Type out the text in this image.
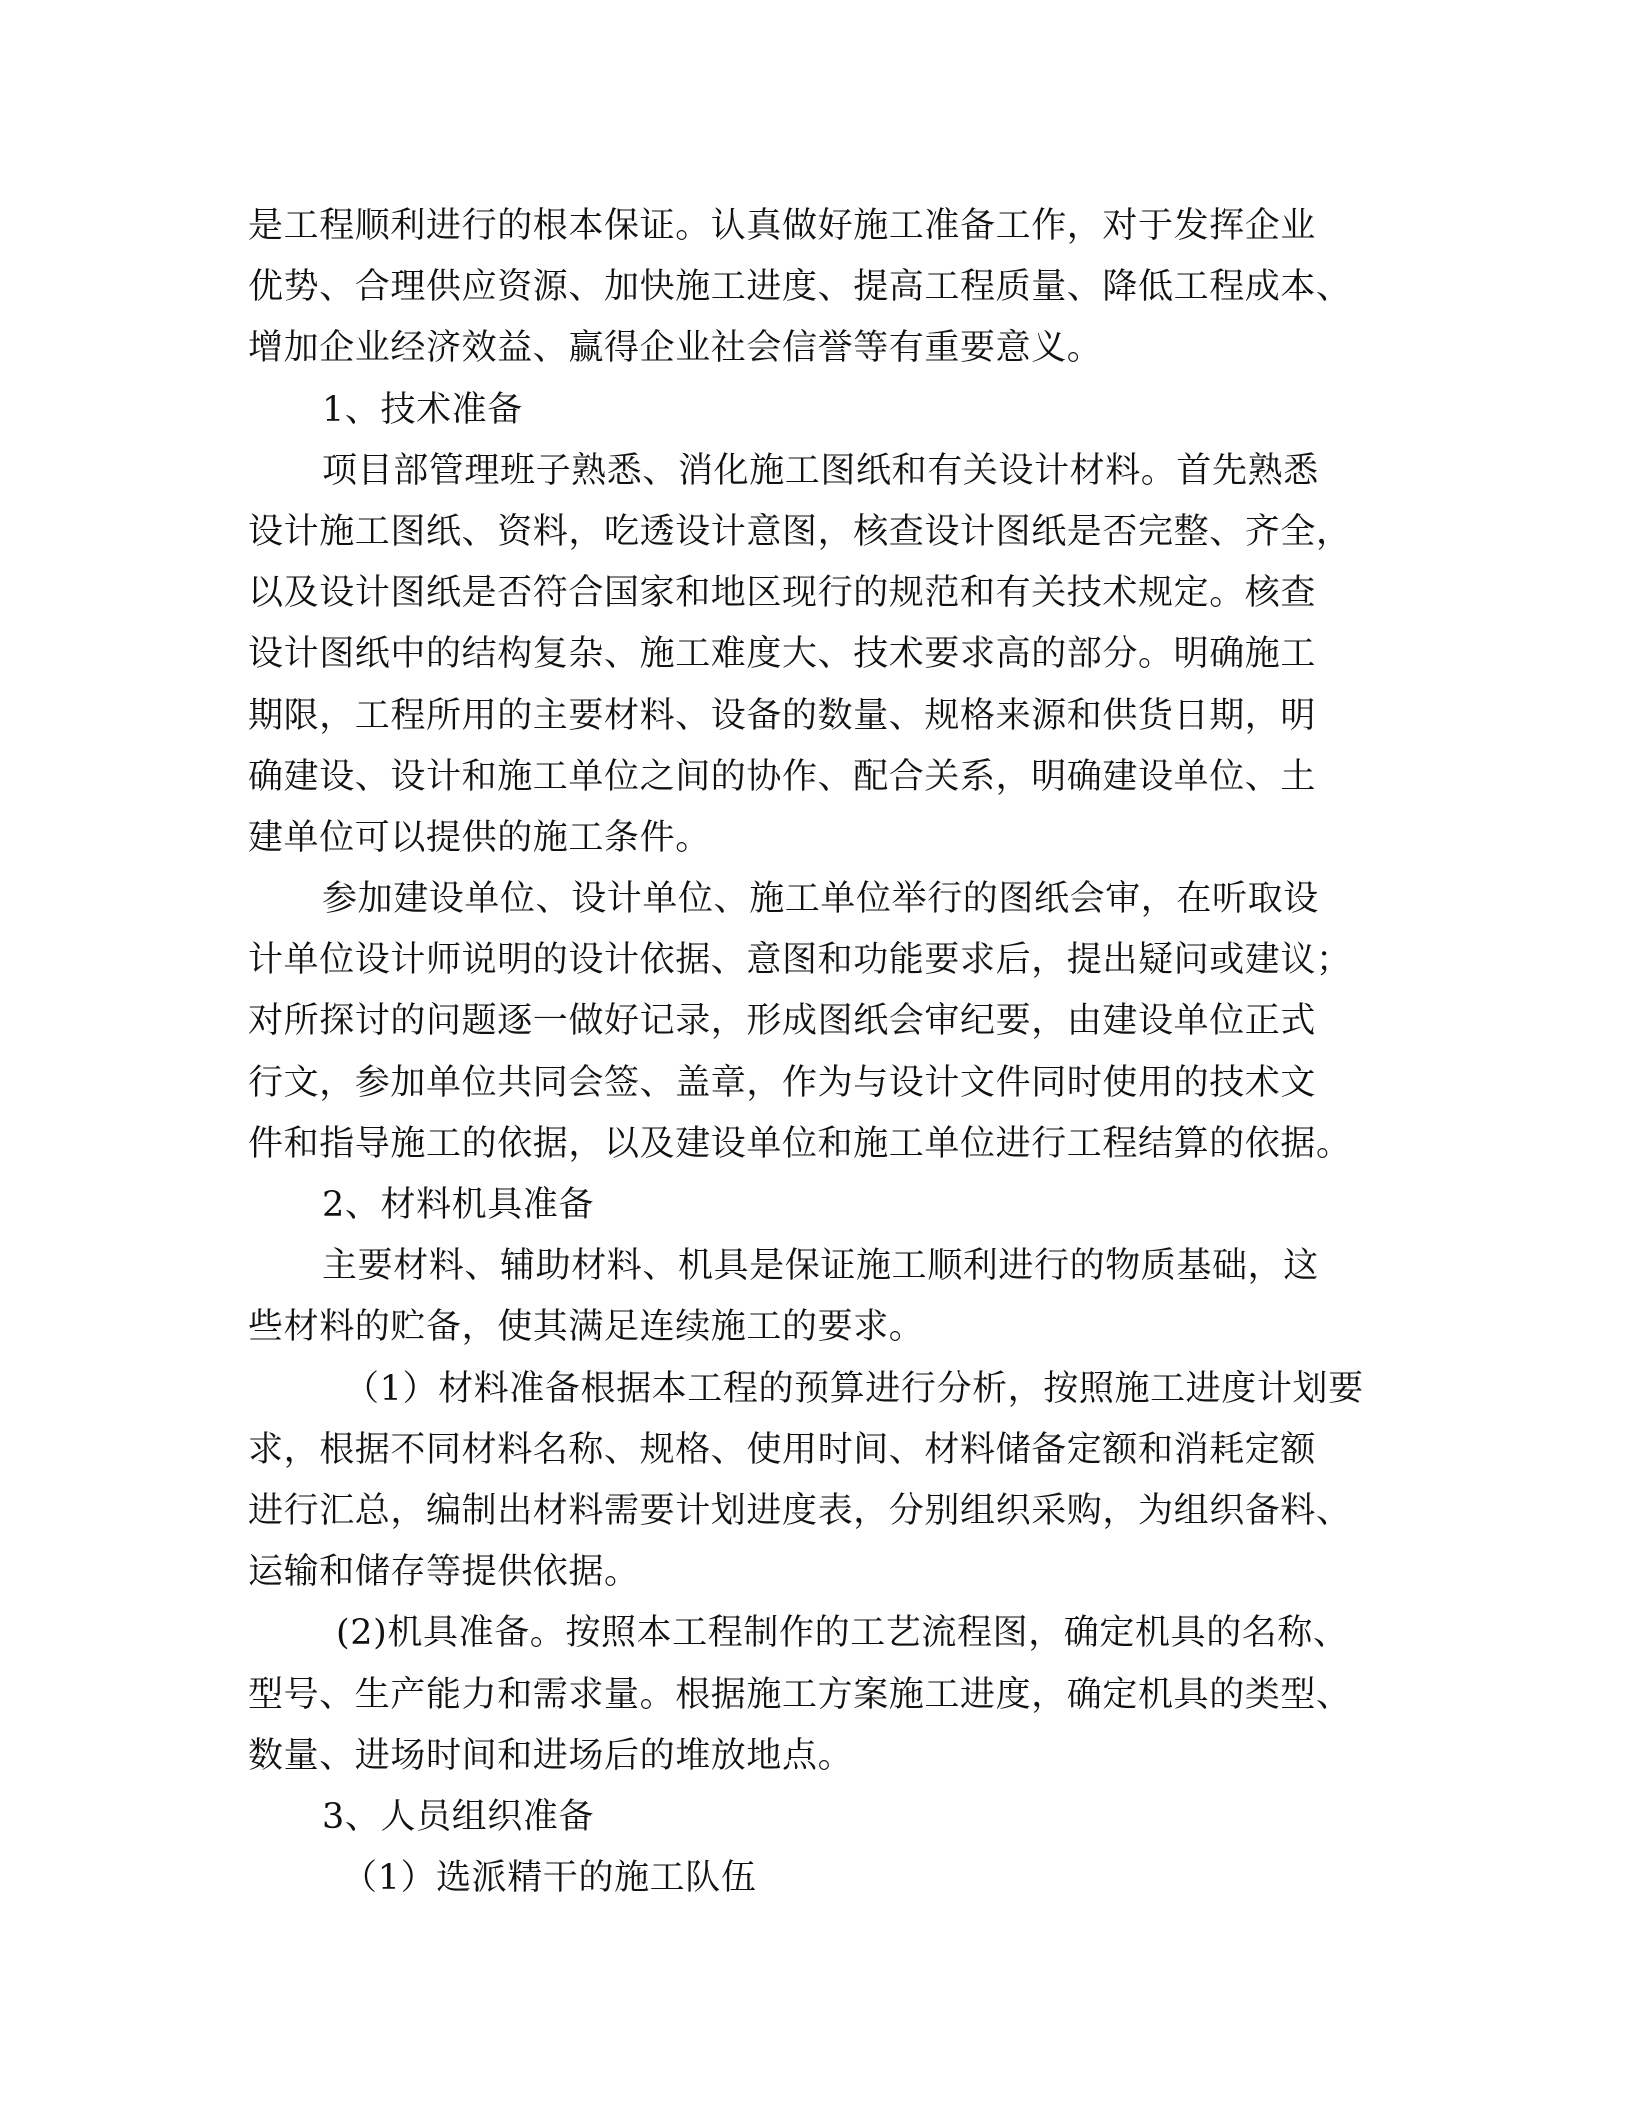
是工程顺利进行的根本保证。认真做好施工准备工作，对于发挥企业
优势、合理供应资源、加快施工进度、提高工程质量、降低工程成本、
增加企业经济效益、赢得企业社会信誉等有重要意义。
1、技术准备
项目部管理班子熟悉、消化施工图纸和有关设计材料。首先熟悉
设计施工图纸、资料，吃透设计意图，核查设计图纸是否完整、齐全，
以及设计图纸是否符合国家和地区现行的规范和有关技术规定。核查
设计图纸中的结构复杂、施工难度大、技术要求高的部分。明确施工
期限，工程所用的主要材料、设备的数量、规格来源和供货日期，明
确建设、设计和施工单位之间的协作、配合关系，明确建设单位、土
建单位可以提供的施工条件。
参加建设单位、设计单位、施工单位举行的图纸会审，在听取设
计单位设计师说明的设计依据、意图和功能要求后，提出疑问或建议；
对所探讨的问题逐一做好记录，形成图纸会审纪要，由建设单位正式
行文，参加单位共同会签、盖章，作为与设计文件同时使用的技术文
件和指导施工的依据，以及建设单位和施工单位进行工程结算的依据。
2、材料机具准备
主要材料、辅助材料、机具是保证施工顺利进行的物质基础，这
些材料的贮备，使其满足连续施工的要求。
（1）材料准备根据本工程的预算进行分析，按照施工进度计划要
求，根据不同材料名称、规格、使用时间、材料储备定额和消耗定额
进行汇总，编制出材料需要计划进度表，分别组织采购，为组织备料、
运输和储存等提供依据。
(2)机具准备。按照本工程制作的工艺流程图，确定机具的名称、
型号、生产能力和需求量。根据施工方案施工进度，确定机具的类型、
数量、进场时间和进场后的堆放地点。
3、人员组织准备
（1）选派精干的施工队伍
